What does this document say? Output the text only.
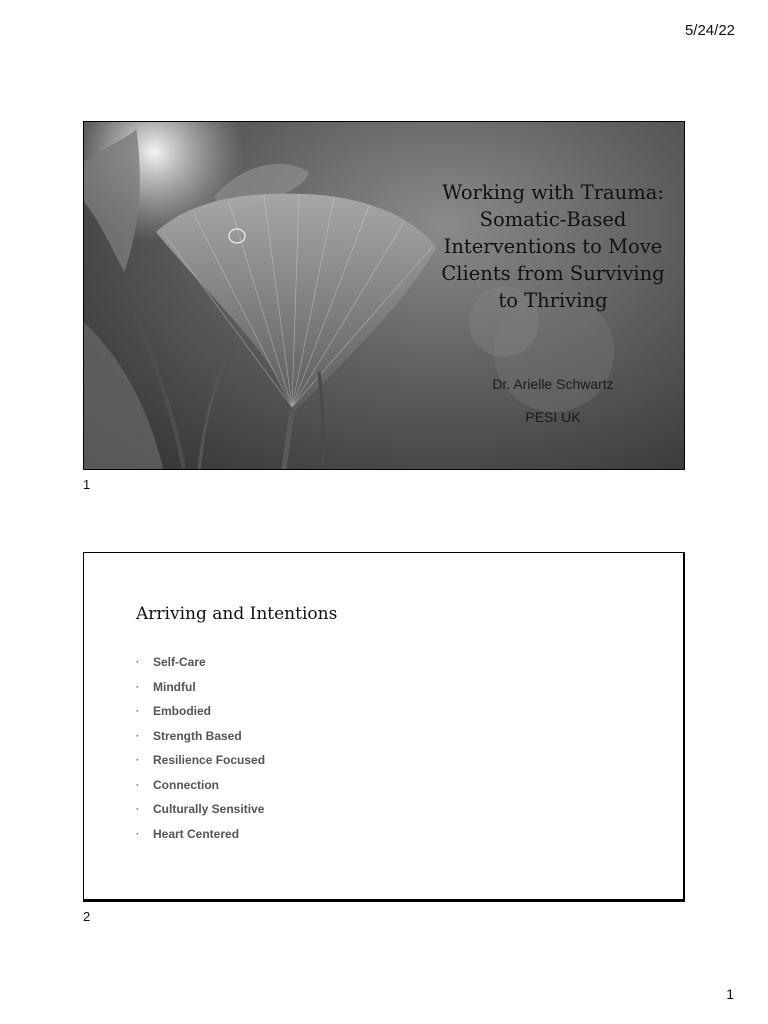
5/24/22
Working with Trauma:
Somatic-Based
Interventions to Move
Clients from Surviving
to Thriving
Dr. Arielle Schwartz
PESI UK
1
Arriving and Intentions
·	Self-Care
·	Mindful
·	Embodied
·	Strength Based
·	Resilience Focused
·	Connection
·	Culturally Sensitive
·	Heart Centered
2
1
